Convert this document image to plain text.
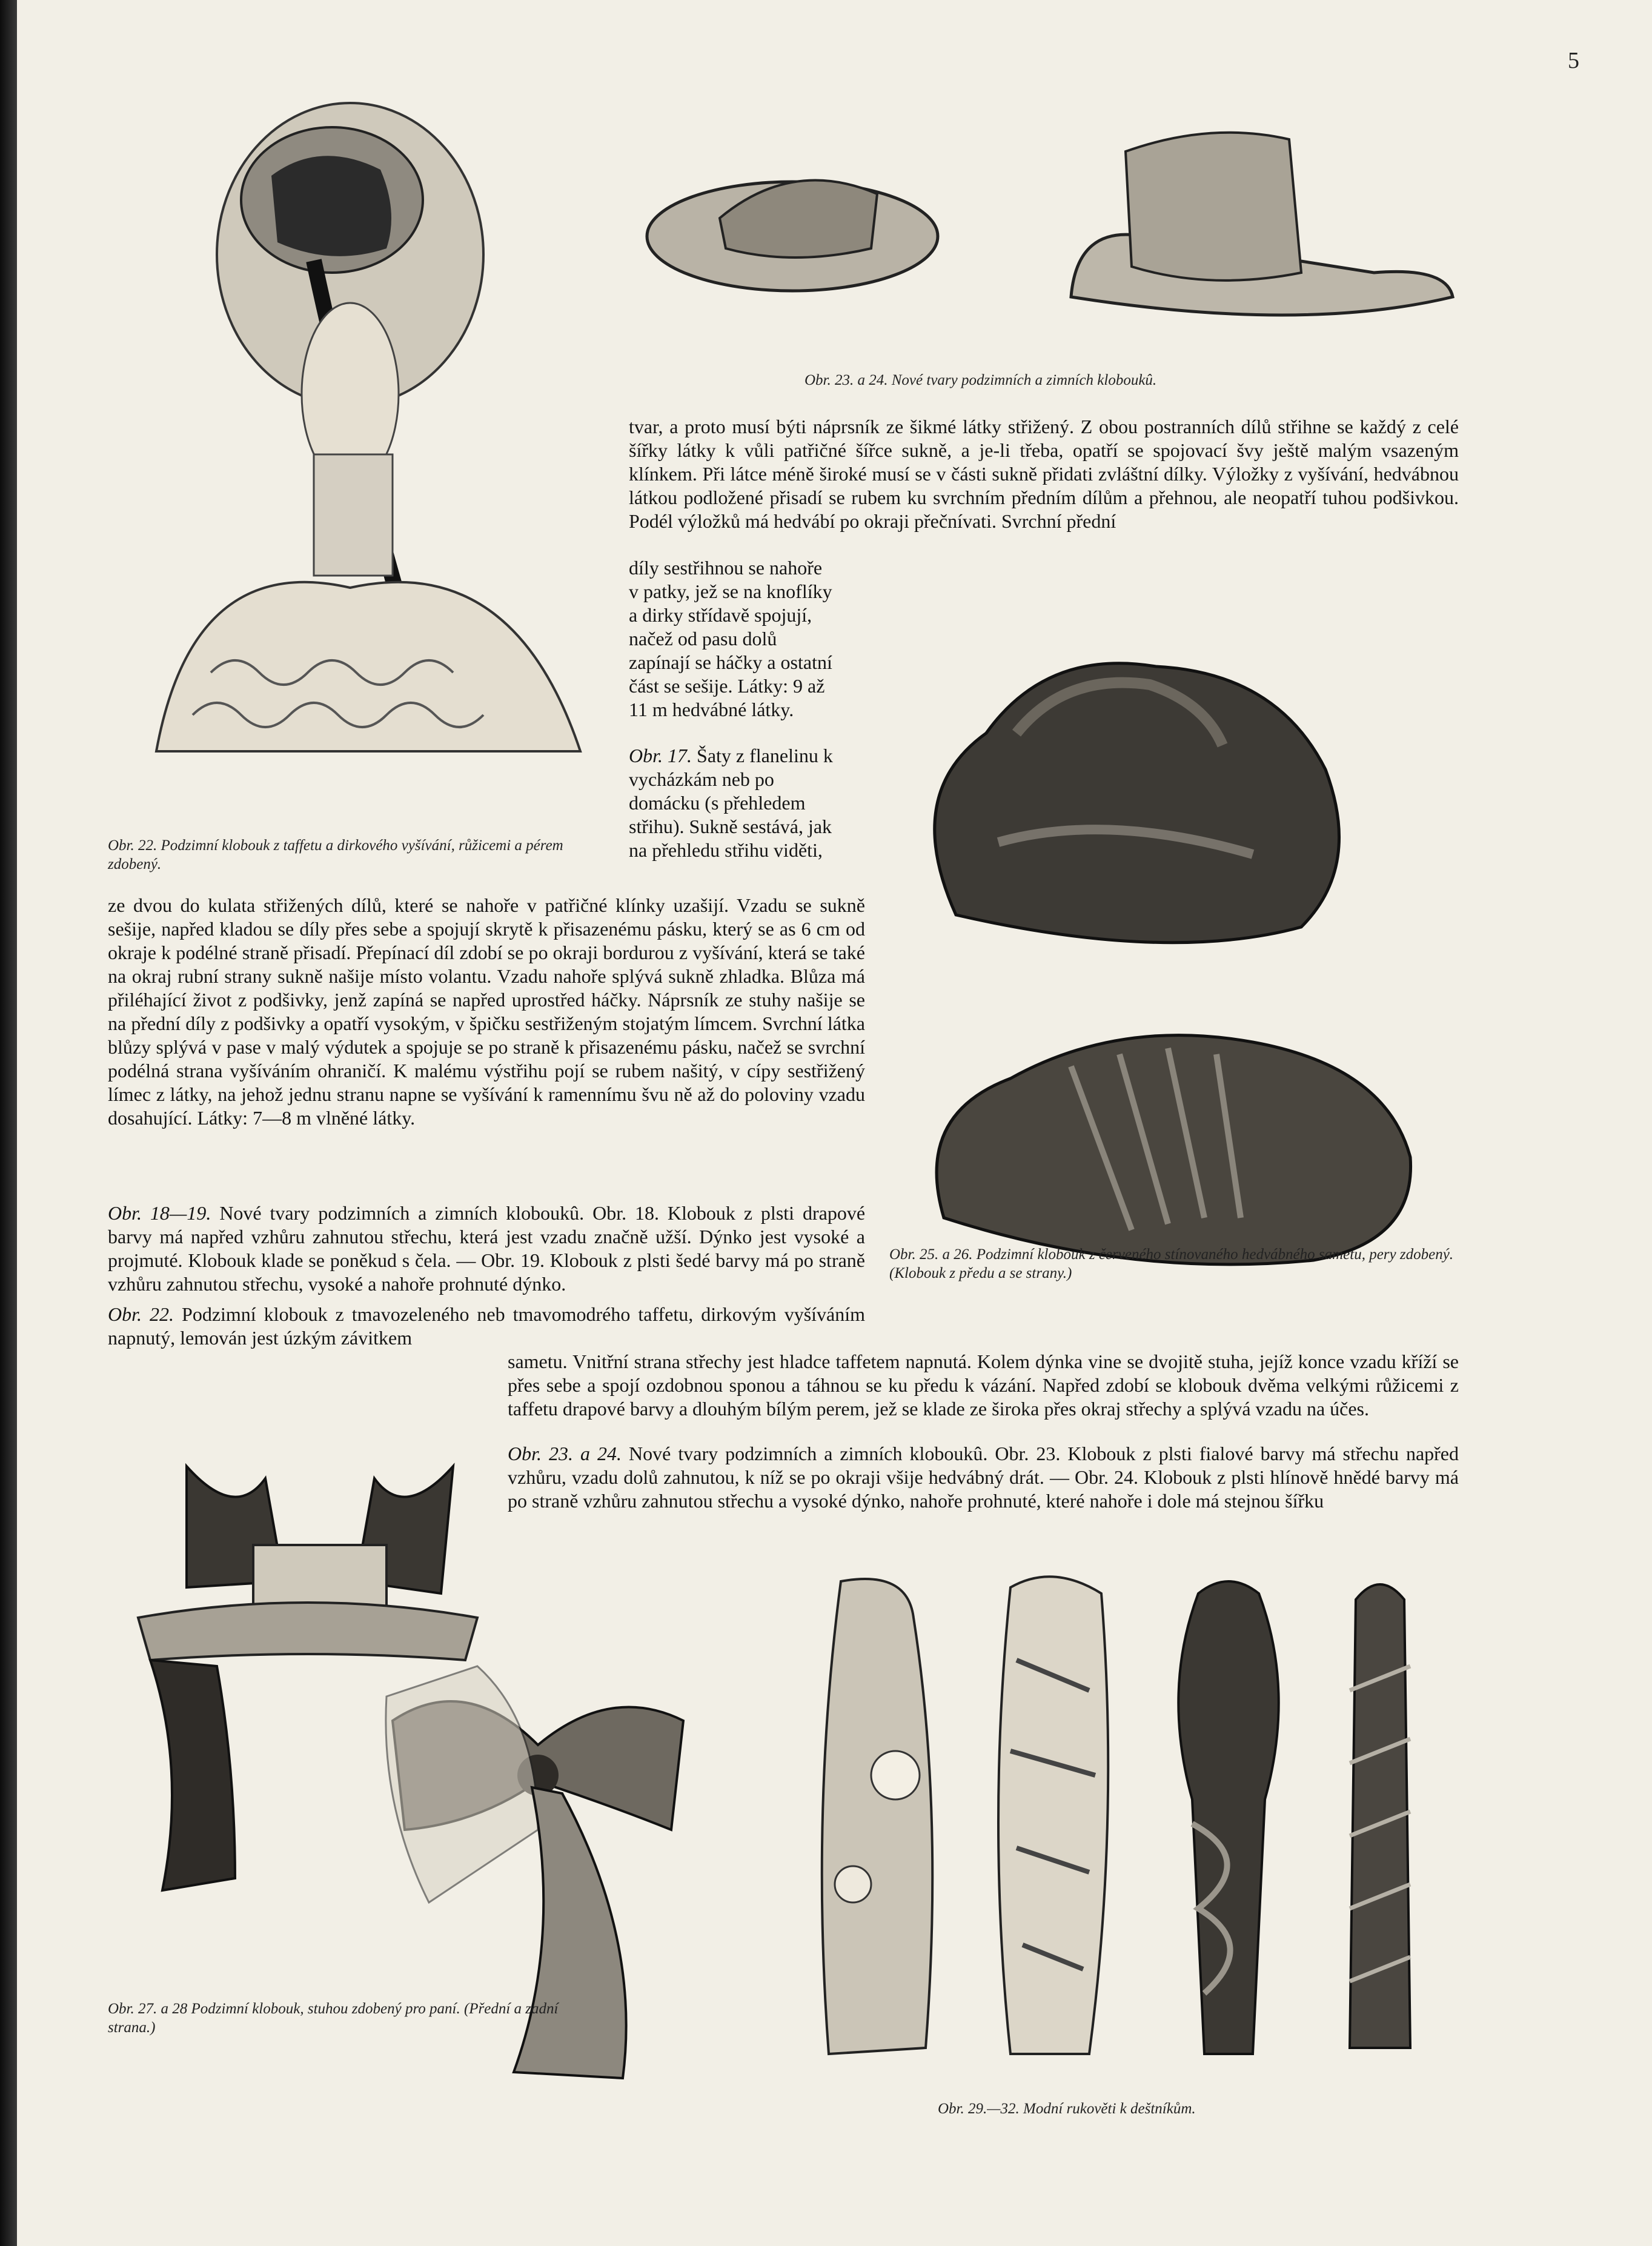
5
Obr. 22. Podzimní klobouk z taffetu a dirkového vyšívání, růžicemi a pérem zdobený.
Obr. 23. a 24. Nové tvary podzimních a zimních kloboukû.
tvar, a proto musí býti náprsník ze šikmé látky střižený. Z obou postranních dílů střihne se každý z celé šířky látky k vůli patřičné šířce sukně, a je-li třeba, opatří se spojovací švy ještě malým vsazeným klínkem. Při látce méně široké musí se v části sukně přidati zvláštní dílky. Výložky z vyšívání, hedvábnou látkou podložené přisadí se rubem ku svrchním předním dílům a přehnou, ale neopatří tuhou podšivkou. Podél výložků má hedvábí po okraji přečnívati. Svrchní přední
díly sestřihnou se nahoře v patky, jež se na knoflíky a dirky střídavě spojují, načež od pasu dolů zapínají se háčky a ostatní část se sešije. Látky: 9 až 11 m hedvábné látky.
Obr. 17. Šaty z flanelinu k vycházkám neb po domácku (s přehledem střihu). Sukně sestává, jak na přehledu střihu viděti,
Obr. 25. a 26. Podzimní klobouk z červeného stínovaného hedvábného sametu, pery zdobený. (Klobouk z předu a se strany.)
ze dvou do kulata střižených dílů, které se nahoře v patřičné klínky uzašijí. Vzadu se sukně sešije, napřed kladou se díly přes sebe a spojují skrytě k přisazenému pásku, který se as 6 cm od okraje k podélné straně přisadí. Přepínací díl zdobí se po okraji bordurou z vyšívání, která se také na okraj rubní strany sukně našije místo volantu. Vzadu nahoře splývá sukně zhladka. Blůza má přiléhající život z podšivky, jenž zapíná se napřed uprostřed háčky. Náprsník ze stuhy našije se na přední díly z podšivky a opatří vysokým, v špičku sestřiženým stojatým límcem. Svrchní látka blůzy splývá v pase v malý výdutek a spojuje se po straně k přisazenému pásku, načež se svrchní podélná strana vyšíváním ohraničí. K malému výstřihu pojí se rubem našitý, v cípy sestřižený límec z látky, na jehož jednu stranu napne se vyšívání k ramennímu švu ně až do poloviny vzadu dosahující. Látky: 7—8 m vlněné látky.
Obr. 18—19. Nové tvary podzimních a zimních kloboukû. Obr. 18. Klobouk z plsti drapové barvy má napřed vzhůru zahnutou střechu, která jest vzadu značně užší. Dýnko jest vysoké a projmuté. Klobouk klade se poněkud s čela. — Obr. 19. Klobouk z plsti šedé barvy má po straně vzhůru zahnutou střechu, vysoké a nahoře prohnuté dýnko.
Obr. 22. Podzimní klobouk z tmavozeleného neb tmavomodrého taffetu, dirkovým vyšíváním napnutý, lemován jest úzkým závitkem
sametu. Vnitřní strana střechy jest hladce taffetem napnutá. Kolem dýnka vine se dvojitě stuha, jejíž konce vzadu kříží se přes sebe a spojí ozdobnou sponou a táhnou se ku předu k vázání. Napřed zdobí se klobouk dvěma velkými růžicemi z taffetu drapové barvy a dlouhým bílým perem, jež se klade ze široka přes okraj střechy a splývá vzadu na účes.
Obr. 23. a 24. Nové tvary podzimních a zimních kloboukû. Obr. 23. Klobouk z plsti fialové barvy má střechu napřed vzhůru, vzadu dolů zahnutou, k níž se po okraji všije hedvábný drát. — Obr. 24. Klobouk z plsti hlínově hnědé barvy má po straně vzhůru zahnutou střechu a vysoké dýnko, nahoře prohnuté, které nahoře i dole má stejnou šířku
Obr. 27. a 28 Podzimní klobouk, stuhou zdobený pro paní. (Přední a zadní strana.)
Obr. 29.—32. Modní rukověti k deštníkům.
